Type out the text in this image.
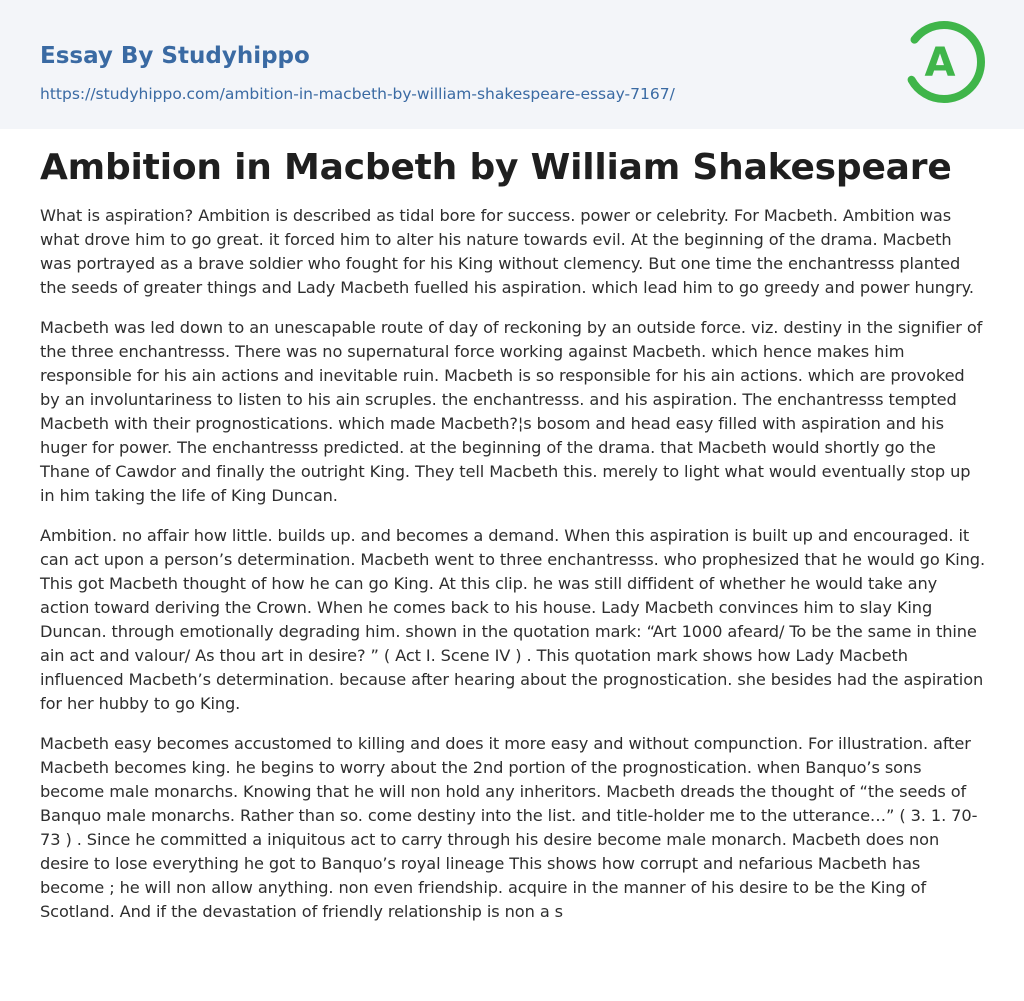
Essay By Studyhippo
https://studyhippo.com/ambition-in-macbeth-by-william-shakespeare-essay-7167/
A
Ambition in Macbeth by William Shakespeare

What is aspiration? Ambition is described as tidal bore for success. power or celebrity. For Macbeth. Ambition was what drove him to go great. it forced him to alter his nature towards evil. At the beginning of the drama. Macbeth was portrayed as a brave soldier who fought for his King without clemency. But one time the enchantresss planted the seeds of greater things and Lady Macbeth fuelled his aspiration. which lead him to go greedy and power hungry.

Macbeth was led down to an unescapable route of day of reckoning by an outside force. viz. destiny in the signifier of the three enchantresss. There was no supernatural force working against Macbeth. which hence makes him responsible for his ain actions and inevitable ruin. Macbeth is so responsible for his ain actions. which are provoked by an involuntariness to listen to his ain scruples. the enchantresss. and his aspiration. The enchantresss tempted Macbeth with their prognostications. which made Macbeth?¦s bosom and head easy filled with aspiration and his huger for power. The enchantresss predicted. at the beginning of the drama. that Macbeth would shortly go the Thane of Cawdor and finally the outright King. They tell Macbeth this. merely to light what would eventually stop up in him taking the life of King Duncan.

Ambition. no affair how little. builds up. and becomes a demand. When this aspiration is built up and encouraged. it can act upon a person’s determination. Macbeth went to three enchantresss. who prophesized that he would go King. This got Macbeth thought of how he can go King. At this clip. he was still diffident of whether he would take any action toward deriving the Crown. When he comes back to his house. Lady Macbeth convinces him to slay King Duncan. through emotionally degrading him. shown in the quotation mark: “Art 1000 afeard/ To be the same in thine ain act and valour/ As thou art in desire? ” ( Act I. Scene IV ) . This quotation mark shows how Lady Macbeth influenced Macbeth’s determination. because after hearing about the prognostication. she besides had the aspiration for her hubby to go King.

Macbeth easy becomes accustomed to killing and does it more easy and without compunction. For illustration. after Macbeth becomes king. he begins to worry about the 2nd portion of the prognostication. when Banquo’s sons become male monarchs. Knowing that he will non hold any inheritors. Macbeth dreads the thought of “the seeds of Banquo male monarchs. Rather than so. come destiny into the list. and title-holder me to the utterance…” ( 3. 1. 70-73 ) . Since he committed a iniquitous act to carry through his desire become male monarch. Macbeth does non desire to lose everything he got to Banquo’s royal lineage This shows how corrupt and nefarious Macbeth has become ; he will non allow anything. non even friendship. acquire in the manner of his desire to be the King of Scotland. And if the devastation of friendly relationship is non a s
